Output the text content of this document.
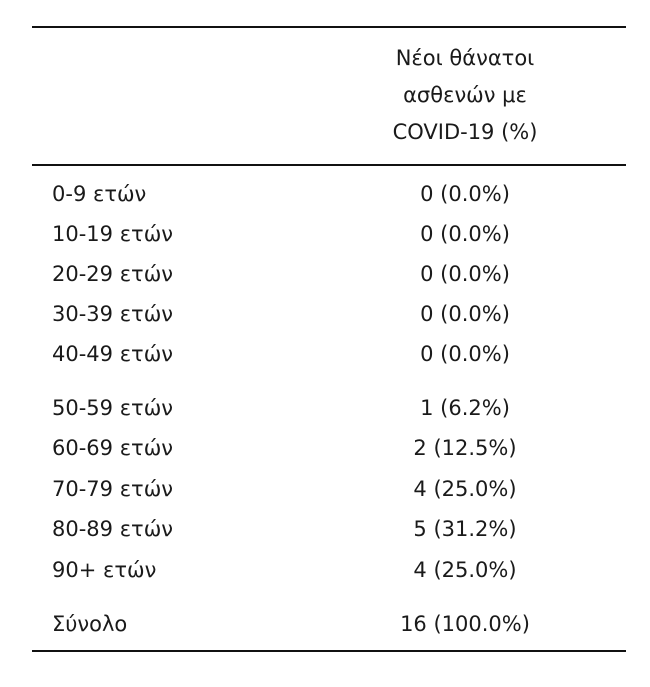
Νέοι θάνατοι
ασθενών με
COVID-19 (%)
0-9 ετών	0 (0.0%)
10-19 ετών	0 (0.0%)
20-29 ετών	0 (0.0%)
30-39 ετών	0 (0.0%)
40-49 ετών	0 (0.0%)
50-59 ετών	1 (6.2%)
60-69 ετών	2 (12.5%)
70-79 ετών	4 (25.0%)
80-89 ετών	5 (31.2%)
90+ ετών	4 (25.0%)
Σύνολο	16 (100.0%)
